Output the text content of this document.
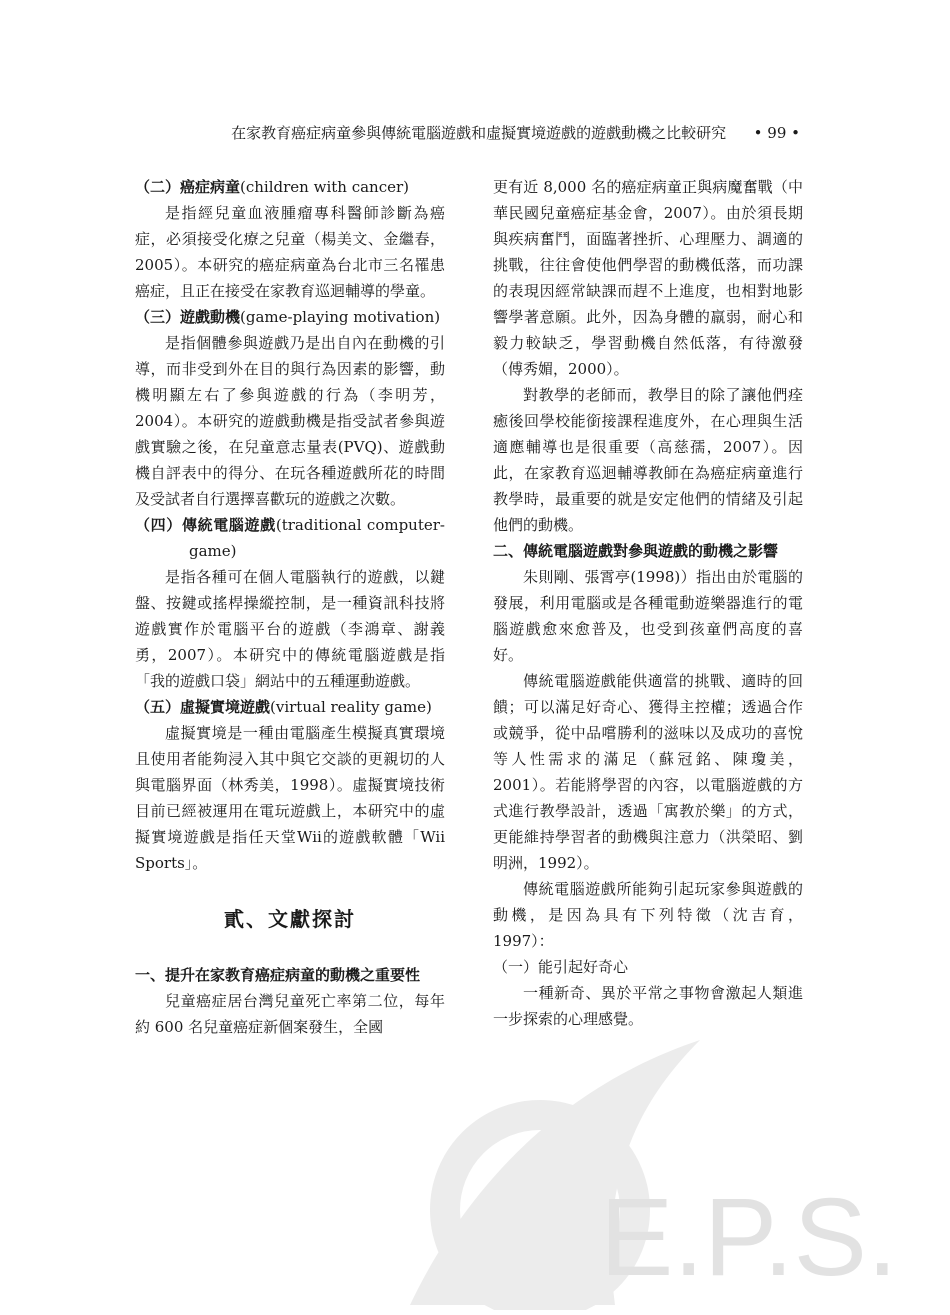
E.P.S.
在家教育癌症病童參與傳統電腦遊戲和虛擬實境遊戲的遊戲動機之比較研究 • 99 •

（二）癌症病童(children with cancer)

是指經兒童血液腫瘤專科醫師診斷為癌症，必須接受化療之兒童（楊美文、金繼春，2005）。本研究的癌症病童為台北市三名罹患癌症，且正在接受在家教育巡迴輔導的學童。

（三）遊戲動機(game-playing motivation)

是指個體參與遊戲乃是出自內在動機的引導，而非受到外在目的與行為因素的影響，動機明顯左右了參與遊戲的行為（李明芳，2004）。本研究的遊戲動機是指受試者參與遊戲實驗之後，在兒童意志量表(PVQ)、遊戲動機自評表中的得分、在玩各種遊戲所花的時間及受試者自行選擇喜歡玩的遊戲之次數。

（四）傳統電腦遊戲(traditional computer-game)

是指各種可在個人電腦執行的遊戲，以鍵盤、按鍵或搖桿操縱控制，是一種資訊科技將遊戲實作於電腦平台的遊戲（李鴻章、謝義勇，2007）。本研究中的傳統電腦遊戲是指「我的遊戲口袋」網站中的五種運動遊戲。

（五）虛擬實境遊戲(virtual reality game)

虛擬實境是一種由電腦產生模擬真實環境且使用者能夠浸入其中與它交談的更親切的人與電腦界面（林秀美，1998）。虛擬實境技術目前已經被運用在電玩遊戲上，本研究中的虛擬實境遊戲是指任天堂Wii的遊戲軟體「Wii Sports」。

貳、文獻探討

一、提升在家教育癌症病童的動機之重要性

兒童癌症居台灣兒童死亡率第二位，每年約 600 名兒童癌症新個案發生，全國

更有近 8,000 名的癌症病童正與病魔奮戰（中華民國兒童癌症基金會，2007）。由於須長期與疾病奮鬥，面臨著挫折、心理壓力、調適的挑戰，往往會使他們學習的動機低落，而功課的表現因經常缺課而趕不上進度，也相對地影響學著意願。此外，因為身體的羸弱，耐心和毅力較缺乏，學習動機自然低落，有待激發（傅秀媚，2000）。

對教學的老師而，教學目的除了讓他們痊癒後回學校能銜接課程進度外，在心理與生活適應輔導也是很重要（高慈孺，2007）。因此，在家教育巡迴輔導教師在為癌症病童進行教學時，最重要的就是安定他們的情緒及引起他們的動機。

二、傳統電腦遊戲對參與遊戲的動機之影響

朱則剛、張霄亭(1998)）指出由於電腦的發展，利用電腦或是各種電動遊樂器進行的電腦遊戲愈來愈普及，也受到孩童們高度的喜好。

傳統電腦遊戲能供適當的挑戰、適時的回饋；可以滿足好奇心、獲得主控權；透過合作或競爭，從中品嚐勝利的滋味以及成功的喜悅等人性需求的滿足（蘇冠銘、陳瓊美，2001）。若能將學習的內容，以電腦遊戲的方式進行教學設計，透過「寓教於樂」的方式，更能維持學習者的動機與注意力（洪榮昭、劉明洲，1992）。

傳統電腦遊戲所能夠引起玩家參與遊戲的動機，是因為具有下列特徵（沈吉育，1997）：

（一）能引起好奇心

一種新奇、異於平常之事物會激起人類進一步探索的心理感覺。
